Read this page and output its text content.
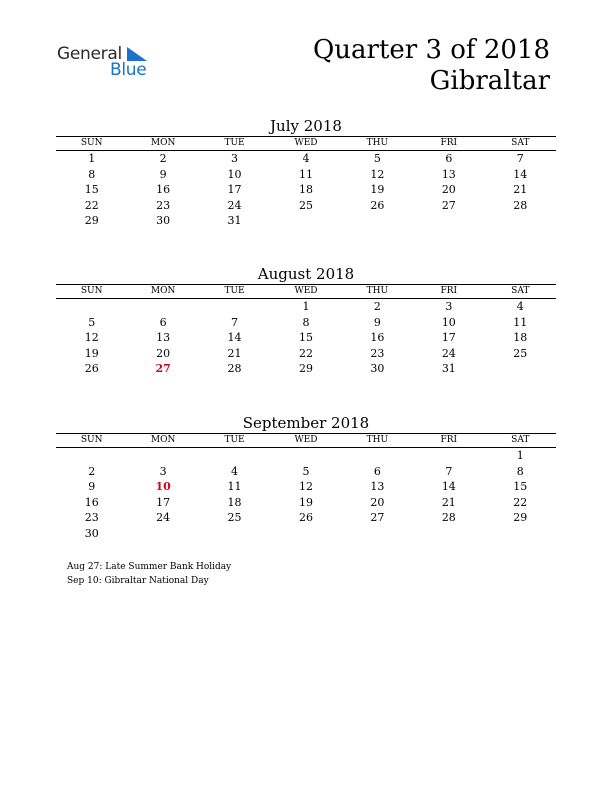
General
Blue
Quarter 3 of 2018
Gibraltar
July 2018
SUN	MON	TUE	WED	THU	FRI	SAT
1	2	3	4	5	6	7
8	9	10	11	12	13	14
15	16	17	18	19	20	21
22	23	24	25	26	27	28
29	30	31				
August 2018
SUN	MON	TUE	WED	THU	FRI	SAT
			1	2	3	4
5	6	7	8	9	10	11
12	13	14	15	16	17	18
19	20	21	22	23	24	25
26	27	28	29	30	31	
September 2018
SUN	MON	TUE	WED	THU	FRI	SAT
						1
2	3	4	5	6	7	8
9	10	11	12	13	14	15
16	17	18	19	20	21	22
23	24	25	26	27	28	29
30						
Aug 27: Late Summer Bank Holiday
Sep 10: Gibraltar National Day
